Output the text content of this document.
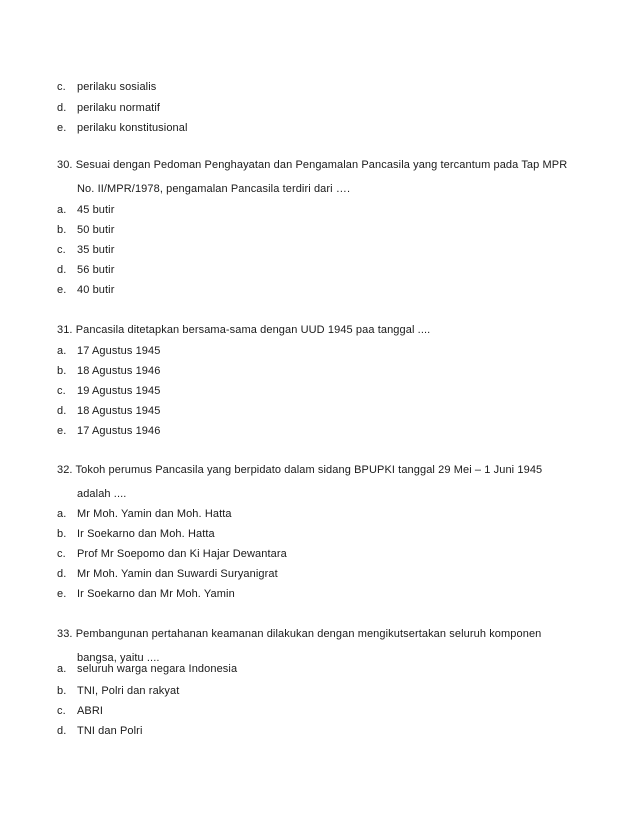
c. perilaku sosialis
d. perilaku normatif
e. perilaku konstitusional
30. Sesuai dengan Pedoman Penghayatan dan Pengamalan Pancasila yang tercantum pada Tap MPR
No. II/MPR/1978, pengamalan Pancasila terdiri dari ….
a. 45 butir
b. 50 butir
c. 35 butir
d. 56 butir
e. 40 butir
31. Pancasila ditetapkan bersama-sama dengan UUD 1945 paa tanggal ....
a. 17 Agustus 1945
b. 18 Agustus 1946
c. 19 Agustus 1945
d. 18 Agustus 1945
e. 17 Agustus 1946
32. Tokoh perumus Pancasila yang berpidato dalam sidang BPUPKI tanggal 29 Mei – 1 Juni 1945
adalah ....
a. Mr Moh. Yamin dan Moh. Hatta
b. Ir Soekarno dan Moh. Hatta
c. Prof Mr Soepomo dan Ki Hajar Dewantara
d. Mr Moh. Yamin dan Suwardi Suryanigrat
e. Ir Soekarno dan Mr Moh. Yamin
33. Pembangunan pertahanan keamanan dilakukan dengan mengikutsertakan seluruh komponen
bangsa, yaitu ....
a. seluruh warga negara Indonesia
b. TNI, Polri dan rakyat
c. ABRI
d. TNI dan Polri
